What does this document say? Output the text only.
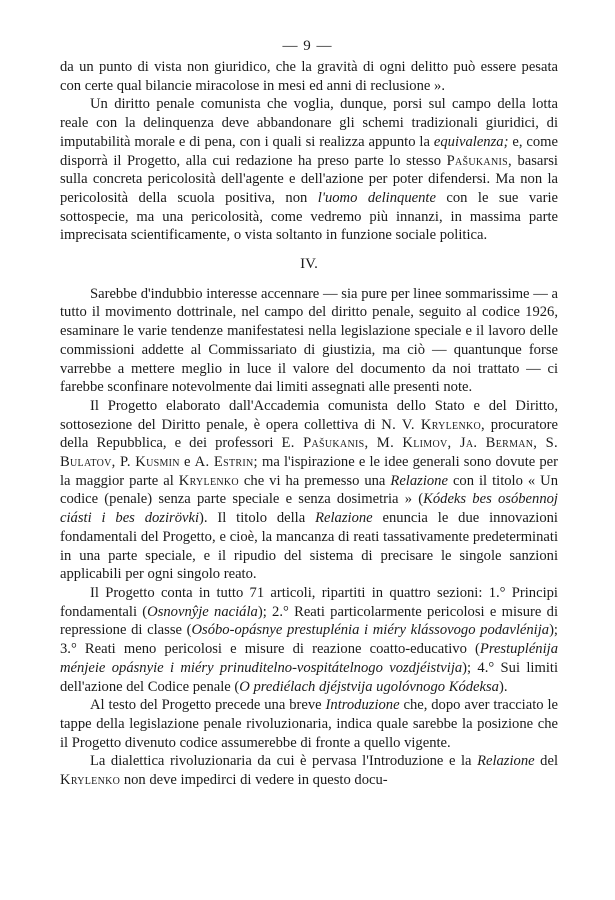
— 9 —

da un punto di vista non giuridico, che la gravità di ogni delitto può essere pesata con certe qual bilancie miracolose in mesi ed anni di reclusione ».

Un diritto penale comunista che voglia, dunque, porsi sul campo della lotta reale con la delinquenza deve abbandonare gli schemi tradizionali giuridici, di imputabilità morale e di pena, con i quali si realizza appunto la equivalenza; e, come disporrà il Progetto, alla cui redazione ha preso parte lo stesso Pašukanis, basarsi sulla concreta pericolosità dell'agente e dell'azione per poter difendersi. Ma non la pericolosità della scuola positiva, non l'uomo delinquente con le sue varie sottospecie, ma una pericolosità, come vedremo più innanzi, in massima parte imprecisata scientificamente, o vista soltanto in funzione sociale politica.

IV.

Sarebbe d'indubbio interesse accennare — sia pure per linee sommarissime — a tutto il movimento dottrinale, nel campo del diritto penale, seguito al codice 1926, esaminare le varie tendenze manifestatesi nella legislazione speciale e il lavoro delle commissioni addette al Commissariato di giustizia, ma ciò — quantunque forse varrebbe a mettere meglio in luce il valore del documento da noi trattato — ci farebbe sconfinare notevolmente dai limiti assegnati alle presenti note.

Il Progetto elaborato dall'Accademia comunista dello Stato e del Diritto, sottosezione del Diritto penale, è opera collettiva di N. V. Krylenko, procuratore della Repubblica, e dei professori E. Pašukanis, M. Klimov, Ja. Berman, S. Bulatov, P. Kusmin e A. Estrin; ma l'ispirazione e le idee generali sono dovute per la maggior parte al Krylenko che vi ha premesso una Relazione con il titolo « Un codice (penale) senza parte speciale e senza dosimetria » (Kódeks bes osóbennoj ciásti i bes dozirövki). Il titolo della Relazione enuncia le due innovazioni fondamentali del Progetto, e cioè, la mancanza di reati tassativamente predeterminati in una parte speciale, e il ripudio del sistema di precisare le singole sanzioni applicabili per ogni singolo reato.

Il Progetto conta in tutto 71 articoli, ripartiti in quattro sezioni: 1.° Principi fondamentali (Osnovnŷje naciála); 2.° Reati particolarmente pericolosi e misure di repressione di classe (Osóbo-opásnye prestuplénia i miéry klássovogo podavlénija); 3.° Reati meno pericolosi e misure di reazione coatto-educativo (Prestuplénija ménjeie opásnyie i miéry prinuditelno-vospitátelnogo vozdjéistvija); 4.° Sui limiti dell'azione del Codice penale (O prediélach djéjstvija ugolóvnogo Kódeksa).

Al testo del Progetto precede una breve Introduzione che, dopo aver tracciato le tappe della legislazione penale rivoluzionaria, indica quale sarebbe la posizione che il Progetto divenuto codice assumerebbe di fronte a quello vigente.

La dialettica rivoluzionaria da cui è pervasa l'Introduzione e la Relazione del Krylenko non deve impedirci di vedere in questo docu-
